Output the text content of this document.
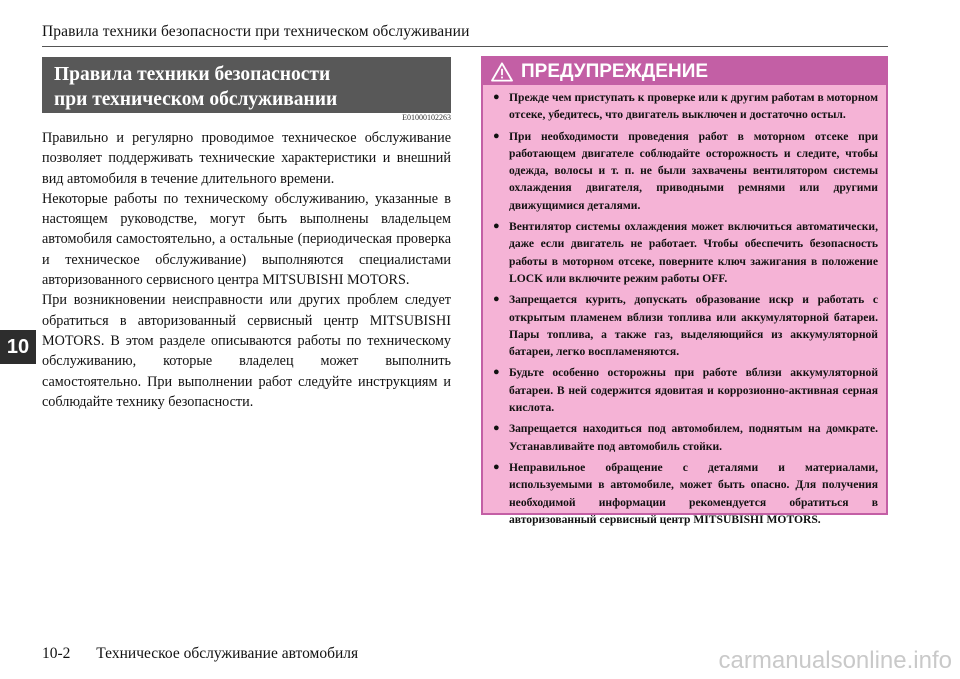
Правила техники безопасности при техническом обслуживании
10
Правила техники безопасности
при техническом обслуживании
E01000102263

Правильно и регулярно проводимое техническое обслуживание позволяет поддерживать технические характеристики и внешний вид автомобиля в течение длительного времени.

Некоторые работы по техническому обслуживанию, указанные в настоящем руководстве, могут быть выполнены владельцем автомобиля самостоятельно, а остальные (периодическая проверка и техническое обслуживание) выполняются специалистами авторизованного сервисного центра MITSUBISHI MOTORS.

При возникновении неисправности или других проблем следует обратиться в авторизованный сервисный центр MITSUBISHI MOTORS. В этом разделе описываются работы по техническому обслуживанию, которые владелец может выполнить самостоятельно. При выполнении работ следуйте инструкциям и соблюдайте технику безопасности.

ПРЕДУПРЕЖДЕНИЕ
● Прежде чем приступать к проверке или к другим работам в моторном отсеке, убедитесь, что двигатель выключен и достаточно остыл.
● При необходимости проведения работ в моторном отсеке при работающем двигателе соблюдайте осторожность и следите, чтобы одежда, волосы и т. п. не были захвачены вентилятором системы охлаждения двигателя, приводными ремнями или другими движущимися деталями.
● Вентилятор системы охлаждения может включиться автоматически, даже если двигатель не работает. Чтобы обеспечить безопасность работы в моторном отсеке, поверните ключ зажигания в положение LOCK или включите режим работы OFF.
● Запрещается курить, допускать образование искр и работать с открытым пламенем вблизи топлива или аккумуляторной батареи. Пары топлива, а также газ, выделяющийся из аккумуляторной батареи, легко воспламеняются.
● Будьте особенно осторожны при работе вблизи аккумуляторной батареи. В ней содержится ядовитая и коррозионно-активная серная кислота.
● Запрещается находиться под автомобилем, поднятым на домкрате. Устанавливайте под автомобиль стойки.
● Неправильное обращение с деталями и материалами, используемыми в автомобиле, может быть опасно. Для получения необходимой информации рекомендуется обратиться в авторизованный сервисный центр MITSUBISHI MOTORS.
10-2 Техническое обслуживание автомобиля	carmanualsonline.info
